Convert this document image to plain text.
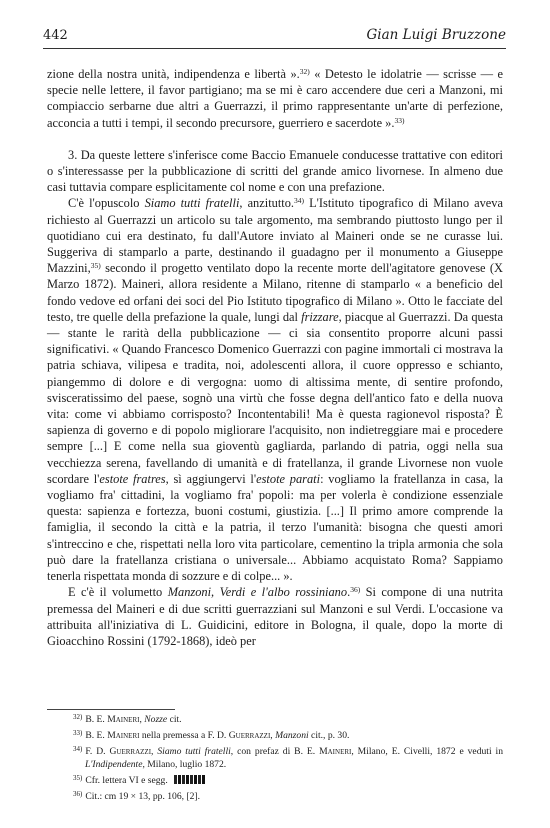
442	Gian Luigi Bruzzone

zione della nostra unità, indipendenza e libertà ».$^{32)}$ « Detesto le idolatrie — scrisse — e specie nelle lettere, il favor partigiano; ma se mi è caro accendere due ceri a Manzoni, mi compiaccio serbarne due altri a Guerrazzi, il primo rappresentante un'arte di perfezione, acconcia a tutti i tempi, il secondo precursore, guerriero e sacerdote ».$^{33)}$

3. Da queste lettere s'inferisce come Baccio Emanuele conducesse trattative con editori o s'interessasse per la pubblicazione di scritti del grande amico livornese. In almeno due casi tuttavia compare esplicitamente col nome e con una prefazione.

C'è l'opuscolo Siamo tutti fratelli, anzitutto.$^{34)}$ L'Istituto tipografico di Milano aveva richiesto al Guerrazzi un articolo su tale argomento, ma sembrando piuttosto lungo per il quotidiano cui era destinato, fu dall'Autore inviato al Maineri onde se ne curasse lui. Suggeriva di stamparlo a parte, destinando il guadagno per il monumento a Giuseppe Mazzini,$^{35)}$ secondo il progetto ventilato dopo la recente morte dell'agitatore genovese (X Marzo 1872). Maineri, allora residente a Milano, ritenne di stamparlo « a beneficio del fondo vedove ed orfani dei soci del Pio Istituto tipografico di Milano ». Otto le facciate del testo, tre quelle della prefazione la quale, lungi dal frizzare, piacque al Guerrazzi. Da questa — stante le rarità della pubblicazione — ci sia consentito proporre alcuni passi significativi. « Quando Francesco Domenico Guerrazzi con pagine immortali ci mostrava la patria schiava, vilipesa e tradita, noi, adolescenti allora, il cuore oppresso e schianto, piangemmo di dolore e di vergogna: uomo di altissima mente, di sentire profondo, svisceratissimo del paese, sognò una virtù che fosse degna dell'antico fato e della nuova vita: come vi abbiamo corrisposto? Incontentabili! Ma è questa ragionevol risposta? È sapienza di governo e di popolo migliorare l'acquisito, non indietreggiare mai e procedere sempre [...] E come nella sua gioventù gagliarda, parlando di patria, oggi nella sua vecchiezza serena, favellando di umanità e di fratellanza, il grande Livornese non vuole scordare l'estote fratres, sì aggiungervi l'estote parati: vogliamo la fratellanza in casa, la vogliamo fra' cittadini, la vogliamo fra' popoli: ma per volerla è condizione essenziale questa: sapienza e fortezza, buoni costumi, giustizia. [...] Il primo amore comprende la famiglia, il secondo la città e la patria, il terzo l'umanità: bisogna che questi amori s'intreccino e che, rispettati nella loro vita particolare, cementino la tripla armonia che sola può dare la fratellanza cristiana o universale... Abbiamo acquistato Roma? Sappiamo tenerla rispettata monda di sozzure e di colpe... ».

E c'è il volumetto Manzoni, Verdi e l'albo rossiniano.$^{36)}$ Si compone di una nutrita premessa del Maineri e di due scritti guerrazziani sul Manzoni e sul Verdi. L'occasione va attribuita all'iniziativa di L. Guidicini, editore in Bologna, il quale, dopo la morte di Gioacchino Rossini (1792-1868), ideò per

$^{32)}$ B. E. Maineri, Nozze cit.
$^{33)}$ B. E. Maineri nella premessa a F. D. Guerrazzi, Manzoni cit., p. 30.
$^{34)}$ F. D. Guerrazzi, Siamo tutti fratelli, con prefaz di B. E. Maineri, Milano, E. Civelli, 1872 e veduti in L'Indipendente, Milano, luglio 1872.
$^{35)}$ Cfr. lettera VI e segg.
$^{36)}$ Cit.: cm 19 × 13, pp. 106, [2].
